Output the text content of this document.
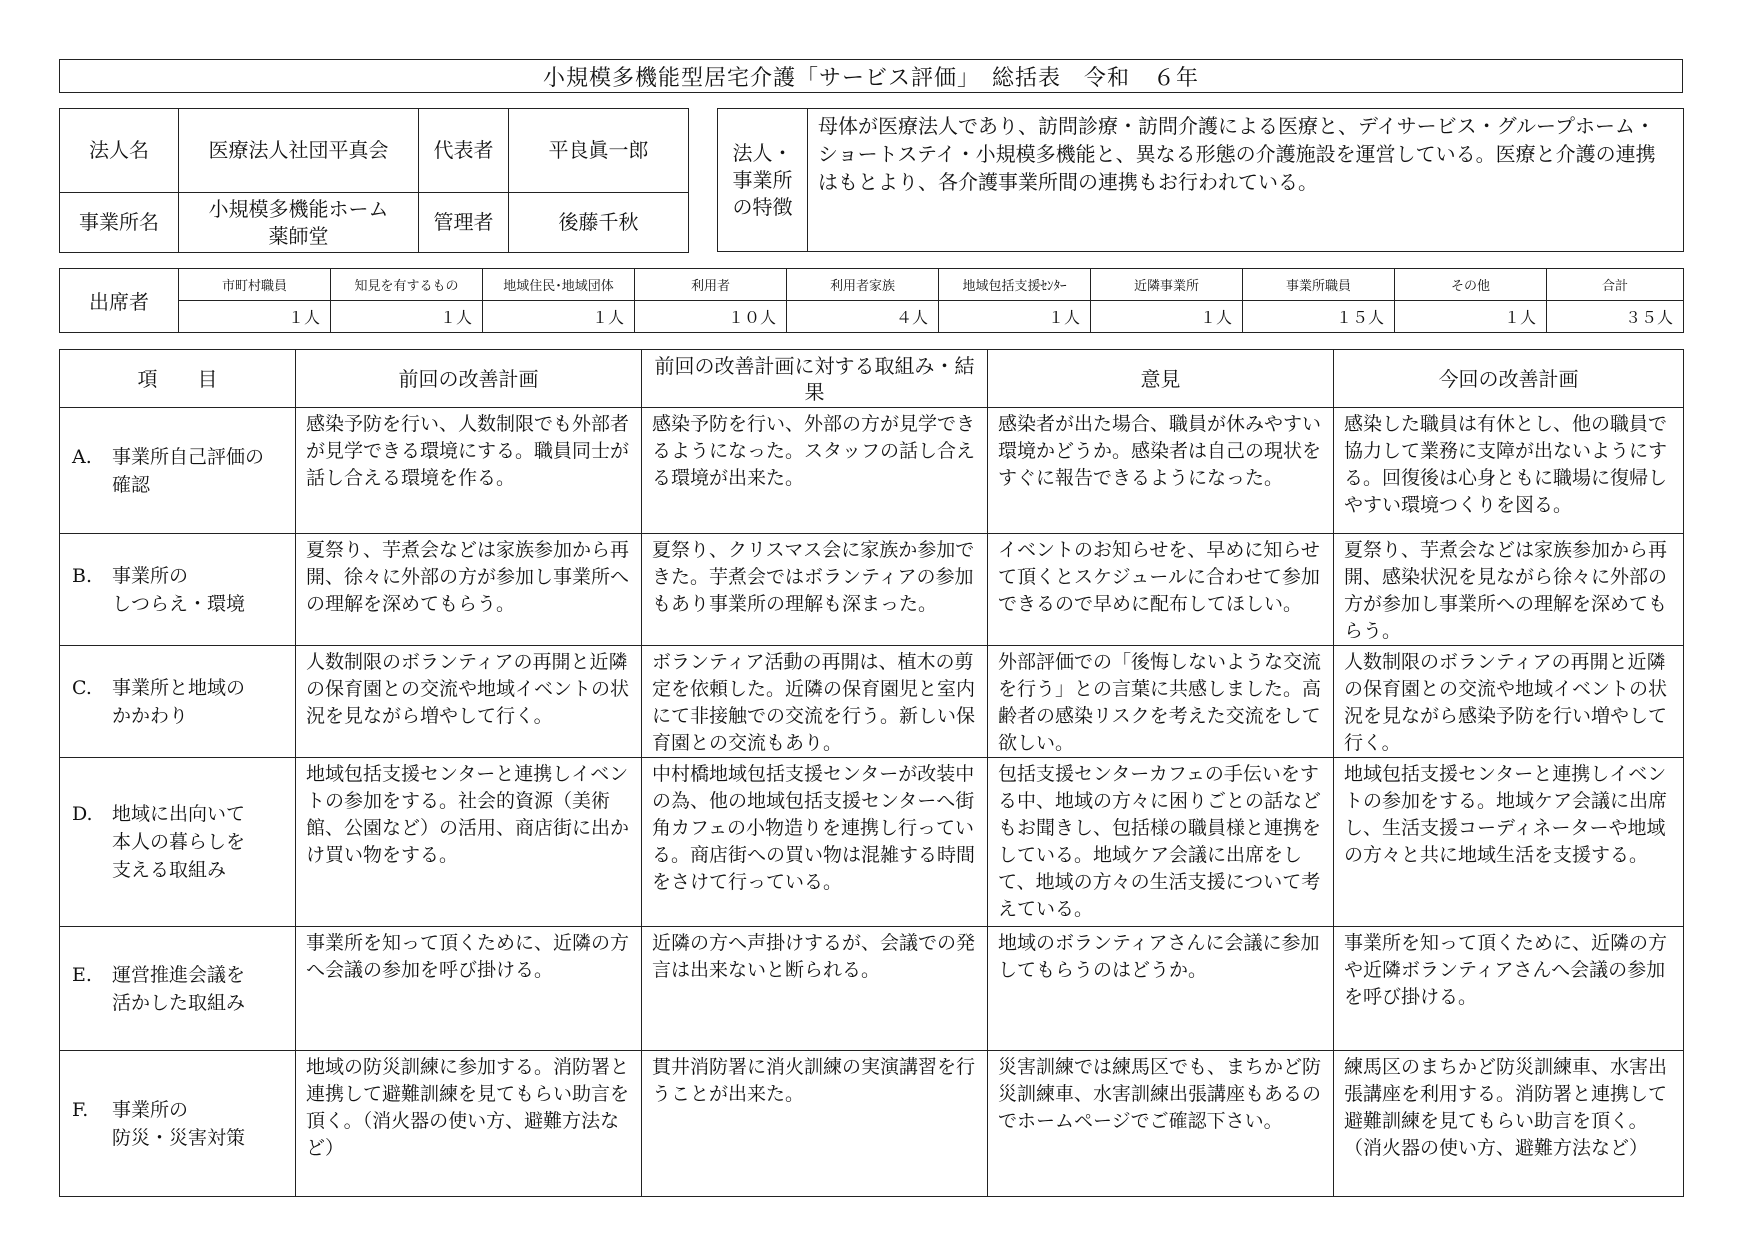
小規模多機能型居宅介護「サービス評価」　総括表　令和　６年
法人名	医療法人社団平真会	代表者	平良眞一郎
事業所名	小規模多機能ホーム
薬師堂	管理者	後藤千秋
法人・
事業所
の特徴
	母体が医療法人であり、訪問診療・訪問介護による医療と、デイサービス・グループホーム・ショートステイ・小規模多機能と、異なる形態の介護施設を運営している。医療と介護の連携はもとより、各介護事業所間の連携もお行われている。
出席者	市町村職員	知見を有するもの	地域住民･地域団体	利用者	利用者家族	地域包括支援ｾﾝﾀｰ	近隣事業所	事業所職員	その他	合計
	１人	１人	１人	１０人	４人	１人	１人	１５人	１人	３５人
項　　目	前回の改善計画	前回の改善計画に対する取組み・結果	意見	今回の改善計画

A. 事業所自己評価の
確認	感染予防を行い、人数制限でも外部者が見学できる環境にする。職員同士が話し合える環境を作る。	感染予防を行い、外部の方が見学できるようになった。スタッフの話し合える環境が出来た。	感染者が出た場合、職員が休みやすい環境かどうか。感染者は自己の現状をすぐに報告できるようになった。	感染した職員は有休とし、他の職員で協力して業務に支障が出ないようにする。回復後は心身ともに職場に復帰しやすい環境つくりを図る。

B. 事業所の
しつらえ・環境	夏祭り、芋煮会などは家族参加から再開、徐々に外部の方が参加し事業所への理解を深めてもらう。	夏祭り、クリスマス会に家族か参加できた。芋煮会ではボランティアの参加もあり事業所の理解も深まった。	イベントのお知らせを、早めに知らせて頂くとスケジュールに合わせて参加できるので早めに配布してほしい。	夏祭り、芋煮会などは家族参加から再開、感染状況を見ながら徐々に外部の方が参加し事業所への理解を深めてもらう。

C. 事業所と地域の
かかわり	人数制限のボランティアの再開と近隣の保育園との交流や地域イベントの状況を見ながら増やして行く。	ボランティア活動の再開は、植木の剪定を依頼した。近隣の保育園児と室内にて非接触での交流を行う。新しい保育園との交流もあり。	外部評価での「後悔しないような交流を行う」との言葉に共感しました。高齢者の感染リスクを考えた交流をして欲しい。	人数制限のボランティアの再開と近隣の保育園との交流や地域イベントの状況を見ながら感染予防を行い増やして行く。

D. 地域に出向いて
本人の暮らしを
支える取組み	地域包括支援センターと連携しイベントの参加をする。社会的資源（美術館、公園など）の活用、商店街に出かけ買い物をする。	中村橋地域包括支援センターが改装中の為、他の地域包括支援センターへ街角カフェの小物造りを連携し行っている。商店街への買い物は混雑する時間をさけて行っている。	包括支援センターカフェの手伝いをする中、地域の方々に困りごとの話などもお聞きし、包括様の職員様と連携をしている。地域ケア会議に出席をして、地域の方々の生活支援について考えている。	地域包括支援センターと連携しイベントの参加をする。地域ケア会議に出席し、生活支援コーディネーターや地域の方々と共に地域生活を支援する。

E. 運営推進会議を
活かした取組み	事業所を知って頂くために、近隣の方へ会議の参加を呼び掛ける。	近隣の方へ声掛けするが、会議での発言は出来ないと断られる。	地域のボランティアさんに会議に参加してもらうのはどうか。	事業所を知って頂くために、近隣の方や近隣ボランティアさんへ会議の参加を呼び掛ける。

F. 事業所の
防災・災害対策	地域の防災訓練に参加する。消防署と連携して避難訓練を見てもらい助言を頂く。（消火器の使い方、避難方法など）	貫井消防署に消火訓練の実演講習を行うことが出来た。	災害訓練では練馬区でも、まちかど防災訓練車、水害訓練出張講座もあるのでホームページでご確認下さい。	練馬区のまちかど防災訓練車、水害出張講座を利用する。消防署と連携して避難訓練を見てもらい助言を頂く。（消火器の使い方、避難方法など）
